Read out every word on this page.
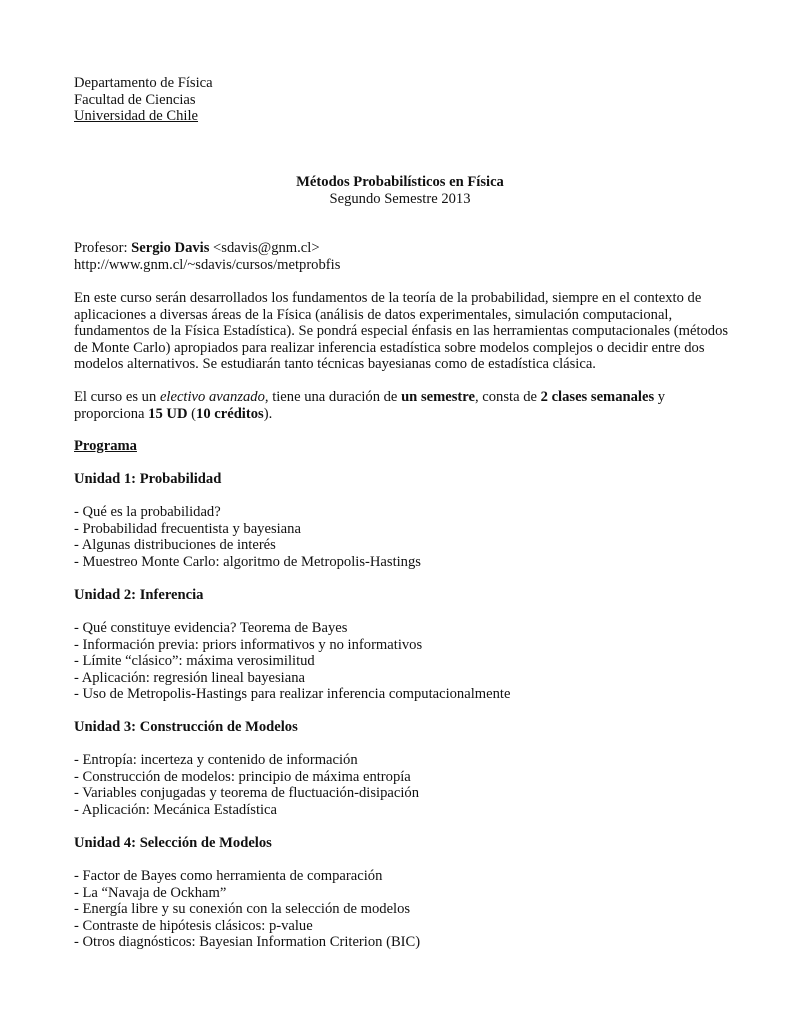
Departamento de Física
Facultad de Ciencias
Universidad de Chile
Métodos Probabilísticos en Física
Segundo Semestre 2013
Profesor: Sergio Davis <sdavis@gnm.cl>
http://www.gnm.cl/~sdavis/cursos/metprobfis
En este curso serán desarrollados los fundamentos de la teoría de la probabilidad, siempre en el contexto de
aplicaciones a diversas áreas de la Física (análisis de datos experimentales, simulación computacional,
fundamentos de la Física Estadística). Se pondrá especial énfasis en las herramientas computacionales (métodos
de Monte Carlo) apropiados para realizar inferencia estadística sobre modelos complejos o decidir entre dos
modelos alternativos. Se estudiarán tanto técnicas bayesianas como de estadística clásica.
El curso es un electivo avanzado, tiene una duración de un semestre, consta de 2 clases semanales y
proporciona 15 UD (10 créditos).
Programa
Unidad 1: Probabilidad
- Qué es la probabilidad?
- Probabilidad frecuentista y bayesiana
- Algunas distribuciones de interés
- Muestreo Monte Carlo: algoritmo de Metropolis-Hastings
Unidad 2: Inferencia
- Qué constituye evidencia? Teorema de Bayes
- Información previa: priors informativos y no informativos
- Límite “clásico”: máxima verosimilitud
- Aplicación: regresión lineal bayesiana
- Uso de Metropolis-Hastings para realizar inferencia computacionalmente
Unidad 3: Construcción de Modelos
- Entropía: incerteza y contenido de información
- Construcción de modelos: principio de máxima entropía
- Variables conjugadas y teorema de fluctuación-disipación
- Aplicación: Mecánica Estadística
Unidad 4: Selección de Modelos
- Factor de Bayes como herramienta de comparación
- La “Navaja de Ockham”
- Energía libre y su conexión con la selección de modelos
- Contraste de hipótesis clásicos: p-value
- Otros diagnósticos: Bayesian Information Criterion (BIC)
